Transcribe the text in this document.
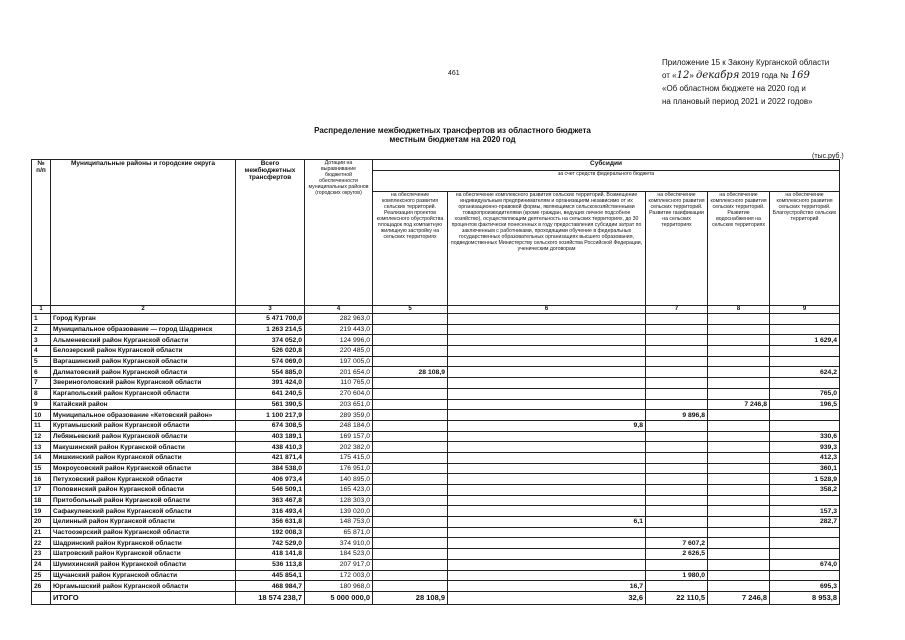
461
Приложение 15 к Закону Курганской области
от «12» декабря 2019 года № 169
«Об областном бюджете на 2020 год и
на плановый период 2021 и 2022 годов»
Распределение межбюджетных трансфертов из областного бюджета
местным бюджетам на 2020 год
(тыс.руб.)
№ п/п	Муниципальные районы и городские округа	Всего межбюджетных трансфертов	Дотации на выравнивание бюджетной обеспеченности муниципальных районов (городских округов)	Субсидии				
				за счет средств федерального бюджета				
				на обеспечение комплексного развития сельских территорий. Реализация проектов комплексного обустройства площадок под компактную жилищную застройку на сельских территориях	на обеспечение комплексного развития сельских территорий. Возмещение индивидуальным предпринимателям и организациям независимо от их организационно-правовой формы, являющимся сельскохозяйственными товаропроизводителями (кроме граждан, ведущих личное подсобное хозяйство), осуществляющим деятельность на сельских территориях, до 30 процентов фактически понесенных в году предоставления субсидии затрат по заключенным с работниками, проходящими обучение в федеральных государственных образовательных организациях высшего образования, подведомственных Министерству сельского хозяйства Российской Федерации, ученическим договорам	на обеспечение комплексного развития сельских территорий. Развитие газификации на сельских территориях	на обеспечение комплексного развития сельских территорий. Развитие водоснабжения на сельских территориях	на обеспечение комплексного развития сельских территорий. Благоустройство сельских территорий
1	2	3	4	5	6	7	8	9
1	Город Курган	5 471 700,0	282 963,0					
2	Муниципальное образование — город Шадринск	1 263 214,5	219 443,0					
3	Альменевский район Курганской области	374 052,0	124 996,0					1 629,4
4	Белозерский район Курганской области	526 020,8	220 485,0					
5	Варгашинский район Курганской области	574 069,0	197 005,0					
6	Далматовский район Курганской области	554 885,0	201 654,0	28 108,9				624,2
7	Звериноголовский район Курганской области	391 424,0	110 765,0					
8	Каргапольский район Курганской области	641 240,5	270 604,0					765,0
9	Катайский район	561 390,5	203 651,0				7 246,8	196,5
10	Муниципальное образование «Кетовский район»	1 100 217,9	289 359,0			9 896,8		
11	Куртамышский район Курганской области	674 308,5	248 184,0		9,8			
12	Лебяжьевский район Курганской области	403 189,1	169 157,0					330,6
13	Макушинский район Курганской области	438 410,3	202 382,0					939,3
14	Мишкинский район Курганской области	421 871,4	175 415,0					412,3
15	Мокроусовский район Курганской области	384 538,0	176 951,0					360,1
16	Петуховский район Курганской области	406 973,4	140 895,0					1 528,9
17	Половинский район Курганской области	546 509,1	165 423,0					358,2
18	Притобольный район Курганской области	363 467,8	128 303,0					
19	Сафакулевский район Курганской области	316 493,4	139 020,0					157,3
20	Целинный район Курганской области	356 631,8	148 753,0		6,1			282,7
21	Частоозерский район Курганской области	192 008,3	65 871,0					
22	Шадринский район Курганской области	742 529,0	374 910,0			7 607,2		
23	Шатровский район Курганской области	418 141,8	184 523,0			2 626,5		
24	Шумихинский район Курганской области	536 113,8	207 917,0					674,0
25	Щучанский район Курганской области	445 854,1	172 003,0			1 980,0		
26	Юргамышский район Курганской области	468 984,7	180 968,0		16,7			695,3
	ИТОГО	18 574 238,7	5 000 000,0	28 108,9	32,6	22 110,5	7 246,8	8 953,8
